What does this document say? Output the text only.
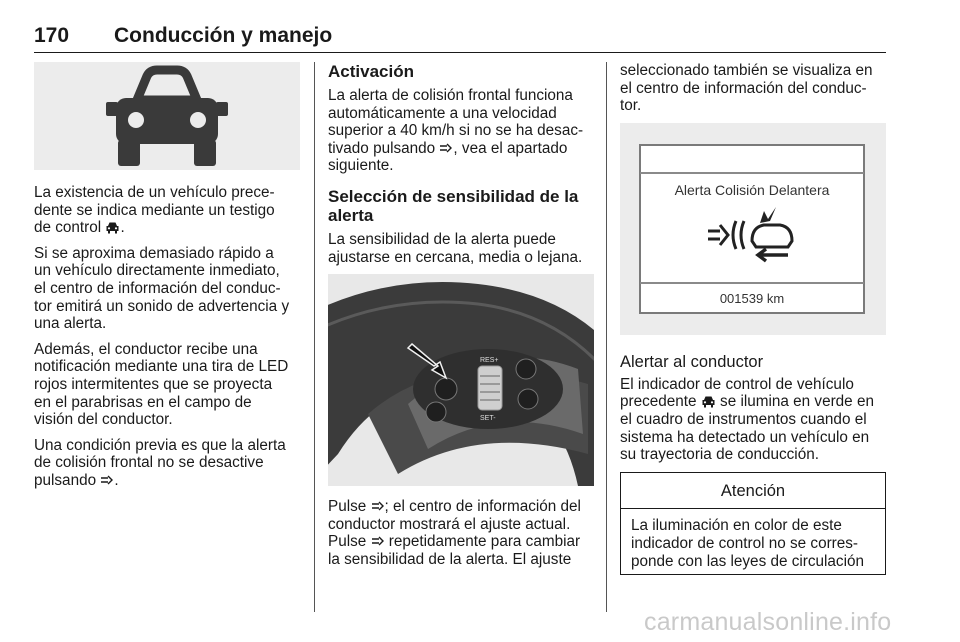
170 Conducción y manejo

La existencia de un vehículo prece-
dente se indica mediante un testigo
de control .

Si se aproxima demasiado rápido a
un vehículo directamente inmediato,
el centro de información del conduc-
tor emitirá un sonido de advertencia y
una alerta.

Además, el conductor recibe una
notificación mediante una tira de LED
rojos intermitentes que se proyecta
en el parabrisas en el campo de
visión del conductor.

Una condición previa es que la alerta
de colisión frontal no se desactive
pulsando .

Activación

La alerta de colisión frontal funciona
automáticamente a una velocidad
superior a 40 km/h si no se ha desac-
tivado pulsando , vea el apartado
siguiente.

Selección de sensibilidad de la
alerta

La sensibilidad de la alerta puede
ajustarse en cercana, media o lejana.

RES+
SET-

Pulse ; el centro de información del
conductor mostrará el ajuste actual.
Pulse repetidamente para cambiar
la sensibilidad de la alerta. El ajuste

seleccionado también se visualiza en
el centro de información del conduc-
tor.

Alerta Colisión Delantera
001539 km
Alertar al conductor

El indicador de control de vehículo
precedente se ilumina en verde en
el cuadro de instrumentos cuando el
sistema ha detectado un vehículo en
su trayectoria de conducción.

Atención
La iluminación en color de este
indicador de control no se corres-
ponde con las leyes de circulación
carmanualsonline.info
